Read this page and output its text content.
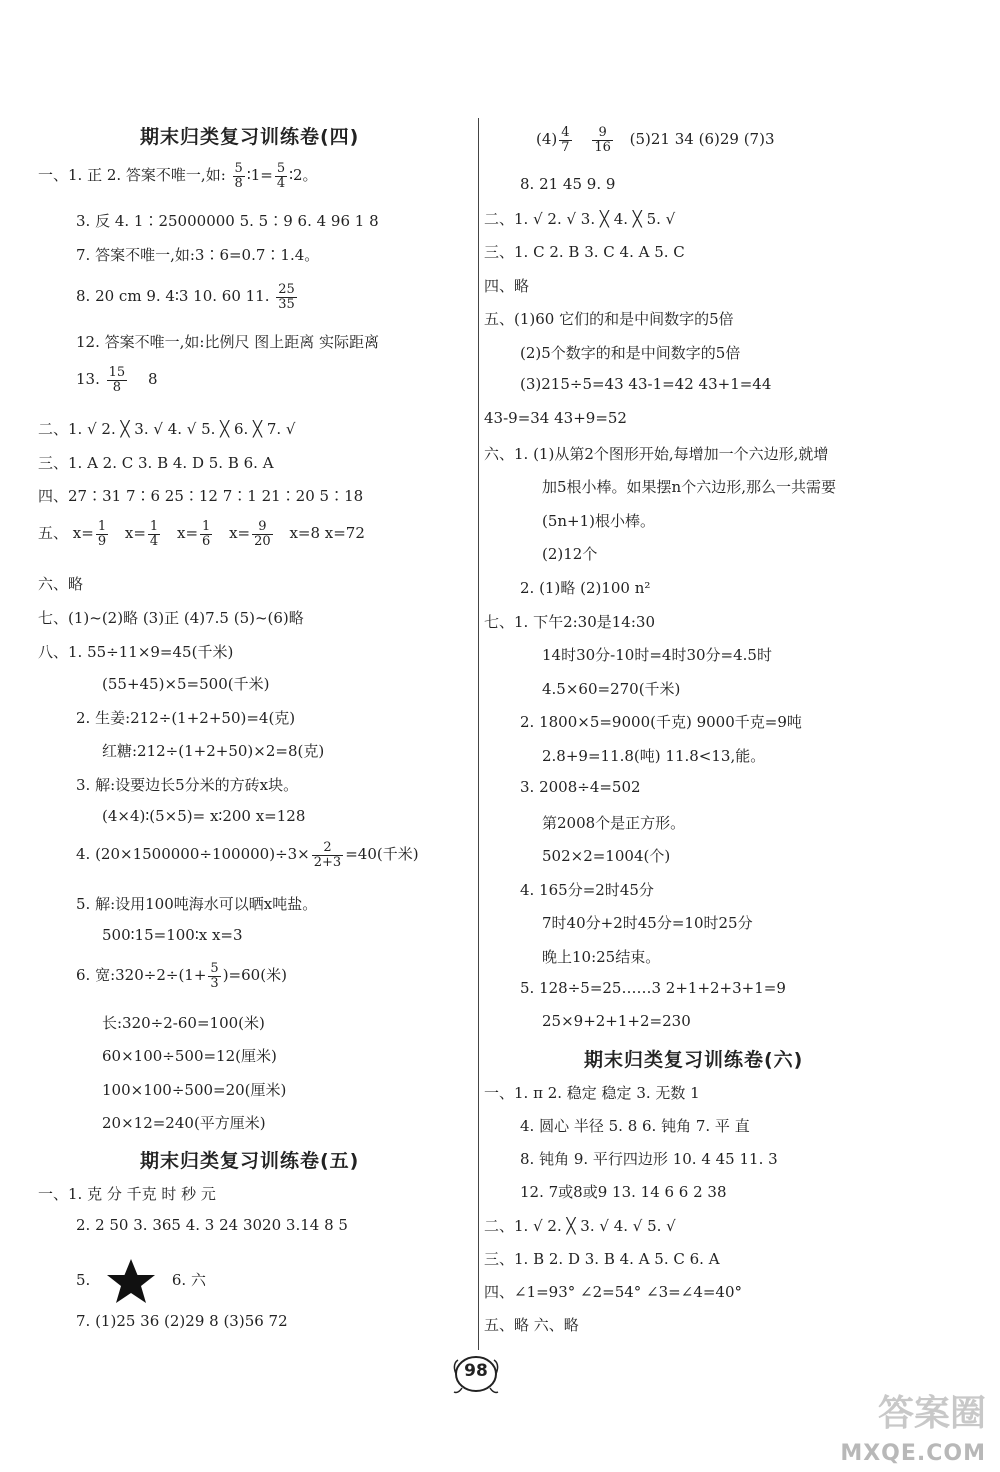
期末归类复习训练卷(四)
一、1. 正 2. 答案不唯一,如: $\frac{5}{8}$ ∶1= $\frac{5}{4}$ ∶2。
3. 反 4. 1∶25000000 5. 5∶9 6. 4 96 1 8
7. 答案不唯一,如:3∶6=0.7∶1.4。
8. 20 cm 9. 4∶3 10. 60 11. $\frac{25}{35}$
12. 答案不唯一,如:比例尺 图上距离 实际距离
13. $\frac{15}{8} 8$
二、1. √ 2. ╳ 3. √ 4. √ 5. ╳ 6. ╳ 7. √
三、1. A 2. C 3. B 4. D 5. B 6. A
四、27∶31 7∶6 25∶12 7∶1 21∶20 5∶18
五、 $x= \frac{1}{9} x= \frac{1}{4} x= \frac{1}{6} x= \frac{9}{20} x=8$ x=72
六、略
七、(1)~(2)略 (3)正 (4)7.5 (5)~(6)略
八、1. 55÷11×9=45(千米)
(55+45)×5=500(千米)
2. 生姜:212÷(1+2+50)=4(克)
红糖:212÷(1+2+50)×2=8(克)
3. 解:设要边长5分米的方砖x块。
(4×4)∶(5×5)= x∶200 x=128
4. $(20\times 1500000\div 100000)\div 3\times \frac{2}{2+3} =40$(千米)
5. 解:设用100吨海水可以晒x吨盐。
500∶15=100∶x x=3
6. 宽:320÷2÷(1+ $\frac{5}{3} )=60$(米)
长:320÷2-60=100(米)
60×100÷500=12(厘米)
100×100÷500=20(厘米)
20×12=240(平方厘米)
期末归类复习训练卷(五)
一、1. 克 分 千克 时 秒 元
2. 2 50 3. 365 4. 3 24 3020 3.14 8 5
5.	6. 六
7. (1)25 36 (2)29 8 (3)56 72
$(4) \frac{4}{7}$
$\frac{9}{16} (5)21$ 34 (6)29 (7)3
8. 21 45 9. 9
二、1. √ 2. √ 3. ╳ 4. ╳ 5. √
三、1. C 2. B 3. C 4. A 5. C
四、略
五、(1)60 它们的和是中间数字的5倍
(2)5个数字的和是中间数字的5倍
(3)215÷5=43 43-1=42 43+1=44
43-9=34 43+9=52
六、1. (1)从第2个图形开始,每增加一个六边形,就增
加5根小棒。如果摆n个六边形,那么一共需要
(5n+1)根小棒。
(2)12个
2. (1)略 (2)100 n²
七、1. 下午2:30是14:30
14时30分-10时=4时30分=4.5时
4.5×60=270(千米)
2. 1800×5=9000(千克) 9000千克=9吨
2.8+9=11.8(吨) 11.8<13,能。
3. 2008÷4=502
第2008个是正方形。
502×2=1004(个)
4. 165分=2时45分
7时40分+2时45分=10时25分
晚上10:25结束。
5. 128÷5=25……3 2+1+2+3+1=9
25×9+2+1+2=230
期末归类复习训练卷(六)
一、1. π 2. 稳定 稳定 3. 无数 1
4. 圆心 半径 5. 8 6. 钝角 7. 平 直
8. 钝角 9. 平行四边形 10. 4 45 11. 3
12. 7或8或9 13. 14 6 6 2 38
二、1. √ 2. ╳ 3. √ 4. √ 5. √
三、1. B 2. D 3. B 4. A 5. C 6. A
四、∠1=93° ∠2=54° ∠3=∠4=40°
五、略 六、略
98
答案圈
MXQE.COM
